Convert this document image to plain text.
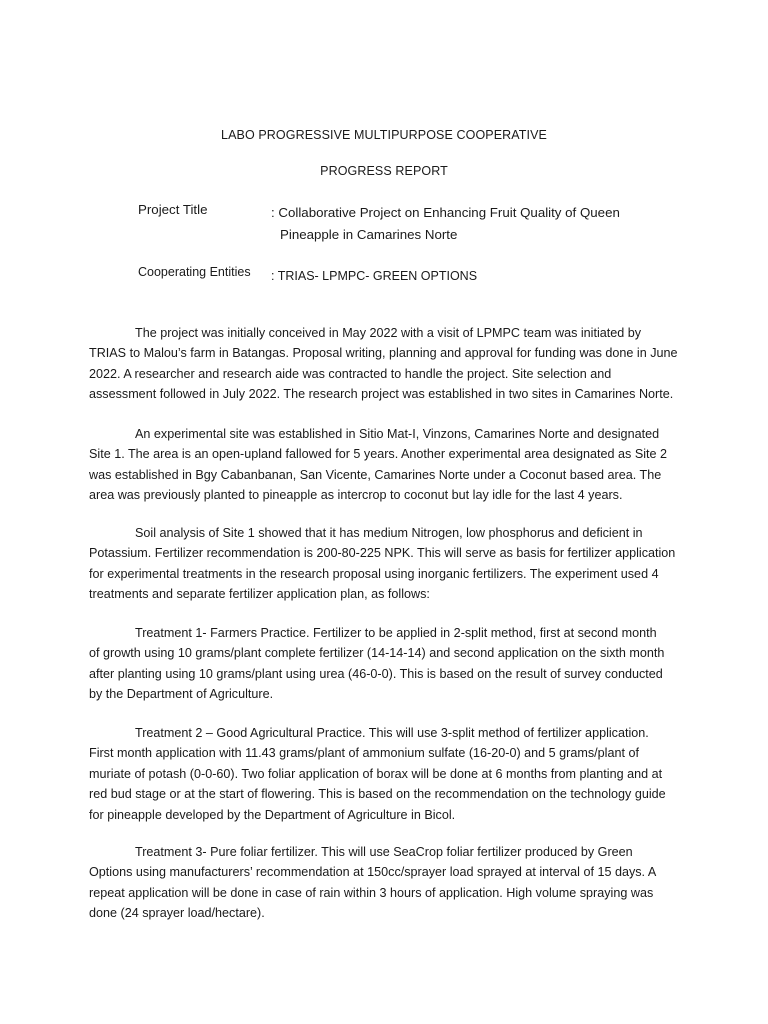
LABO PROGRESSIVE MULTIPURPOSE COOPERATIVE
PROGRESS REPORT
Project Title	: Collaborative Project on Enhancing Fruit Quality of Queen
Pineapple in Camarines Norte
Cooperating Entities : TRIAS- LPMPC- GREEN OPTIONS
The project was initially conceived in May 2022 with a visit of LPMPC team was initiated by
TRIAS to Malou’s farm in Batangas. Proposal writing, planning and approval for funding was done in June
2022. A researcher and research aide was contracted to handle the project. Site selection and
assessment followed in July 2022. The research project was established in two sites in Camarines Norte.
An experimental site was established in Sitio Mat-I, Vinzons, Camarines Norte and designated
Site 1. The area is an open-upland fallowed for 5 years. Another experimental area designated as Site 2
was established in Bgy Cabanbanan, San Vicente, Camarines Norte under a Coconut based area. The
area was previously planted to pineapple as intercrop to coconut but lay idle for the last 4 years.
Soil analysis of Site 1 showed that it has medium Nitrogen, low phosphorus and deficient in
Potassium. Fertilizer recommendation is 200-80-225 NPK. This will serve as basis for fertilizer application
for experimental treatments in the research proposal using inorganic fertilizers. The experiment used 4
treatments and separate fertilizer application plan, as follows:
Treatment 1- Farmers Practice. Fertilizer to be applied in 2-split method, first at second month
of growth using 10 grams/plant complete fertilizer (14-14-14) and second application on the sixth month
after planting using 10 grams/plant using urea (46-0-0). This is based on the result of survey conducted
by the Department of Agriculture.
Treatment 2 – Good Agricultural Practice. This will use 3-split method of fertilizer application.
First month application with 11.43 grams/plant of ammonium sulfate (16-20-0) and 5 grams/plant of
muriate of potash (0-0-60). Two foliar application of borax will be done at 6 months from planting and at
red bud stage or at the start of flowering. This is based on the recommendation on the technology guide
for pineapple developed by the Department of Agriculture in Bicol.
Treatment 3- Pure foliar fertilizer. This will use SeaCrop foliar fertilizer produced by Green
Options using manufacturers’ recommendation at 150cc/sprayer load sprayed at interval of 15 days. A
repeat application will be done in case of rain within 3 hours of application. High volume spraying was
done (24 sprayer load/hectare).
